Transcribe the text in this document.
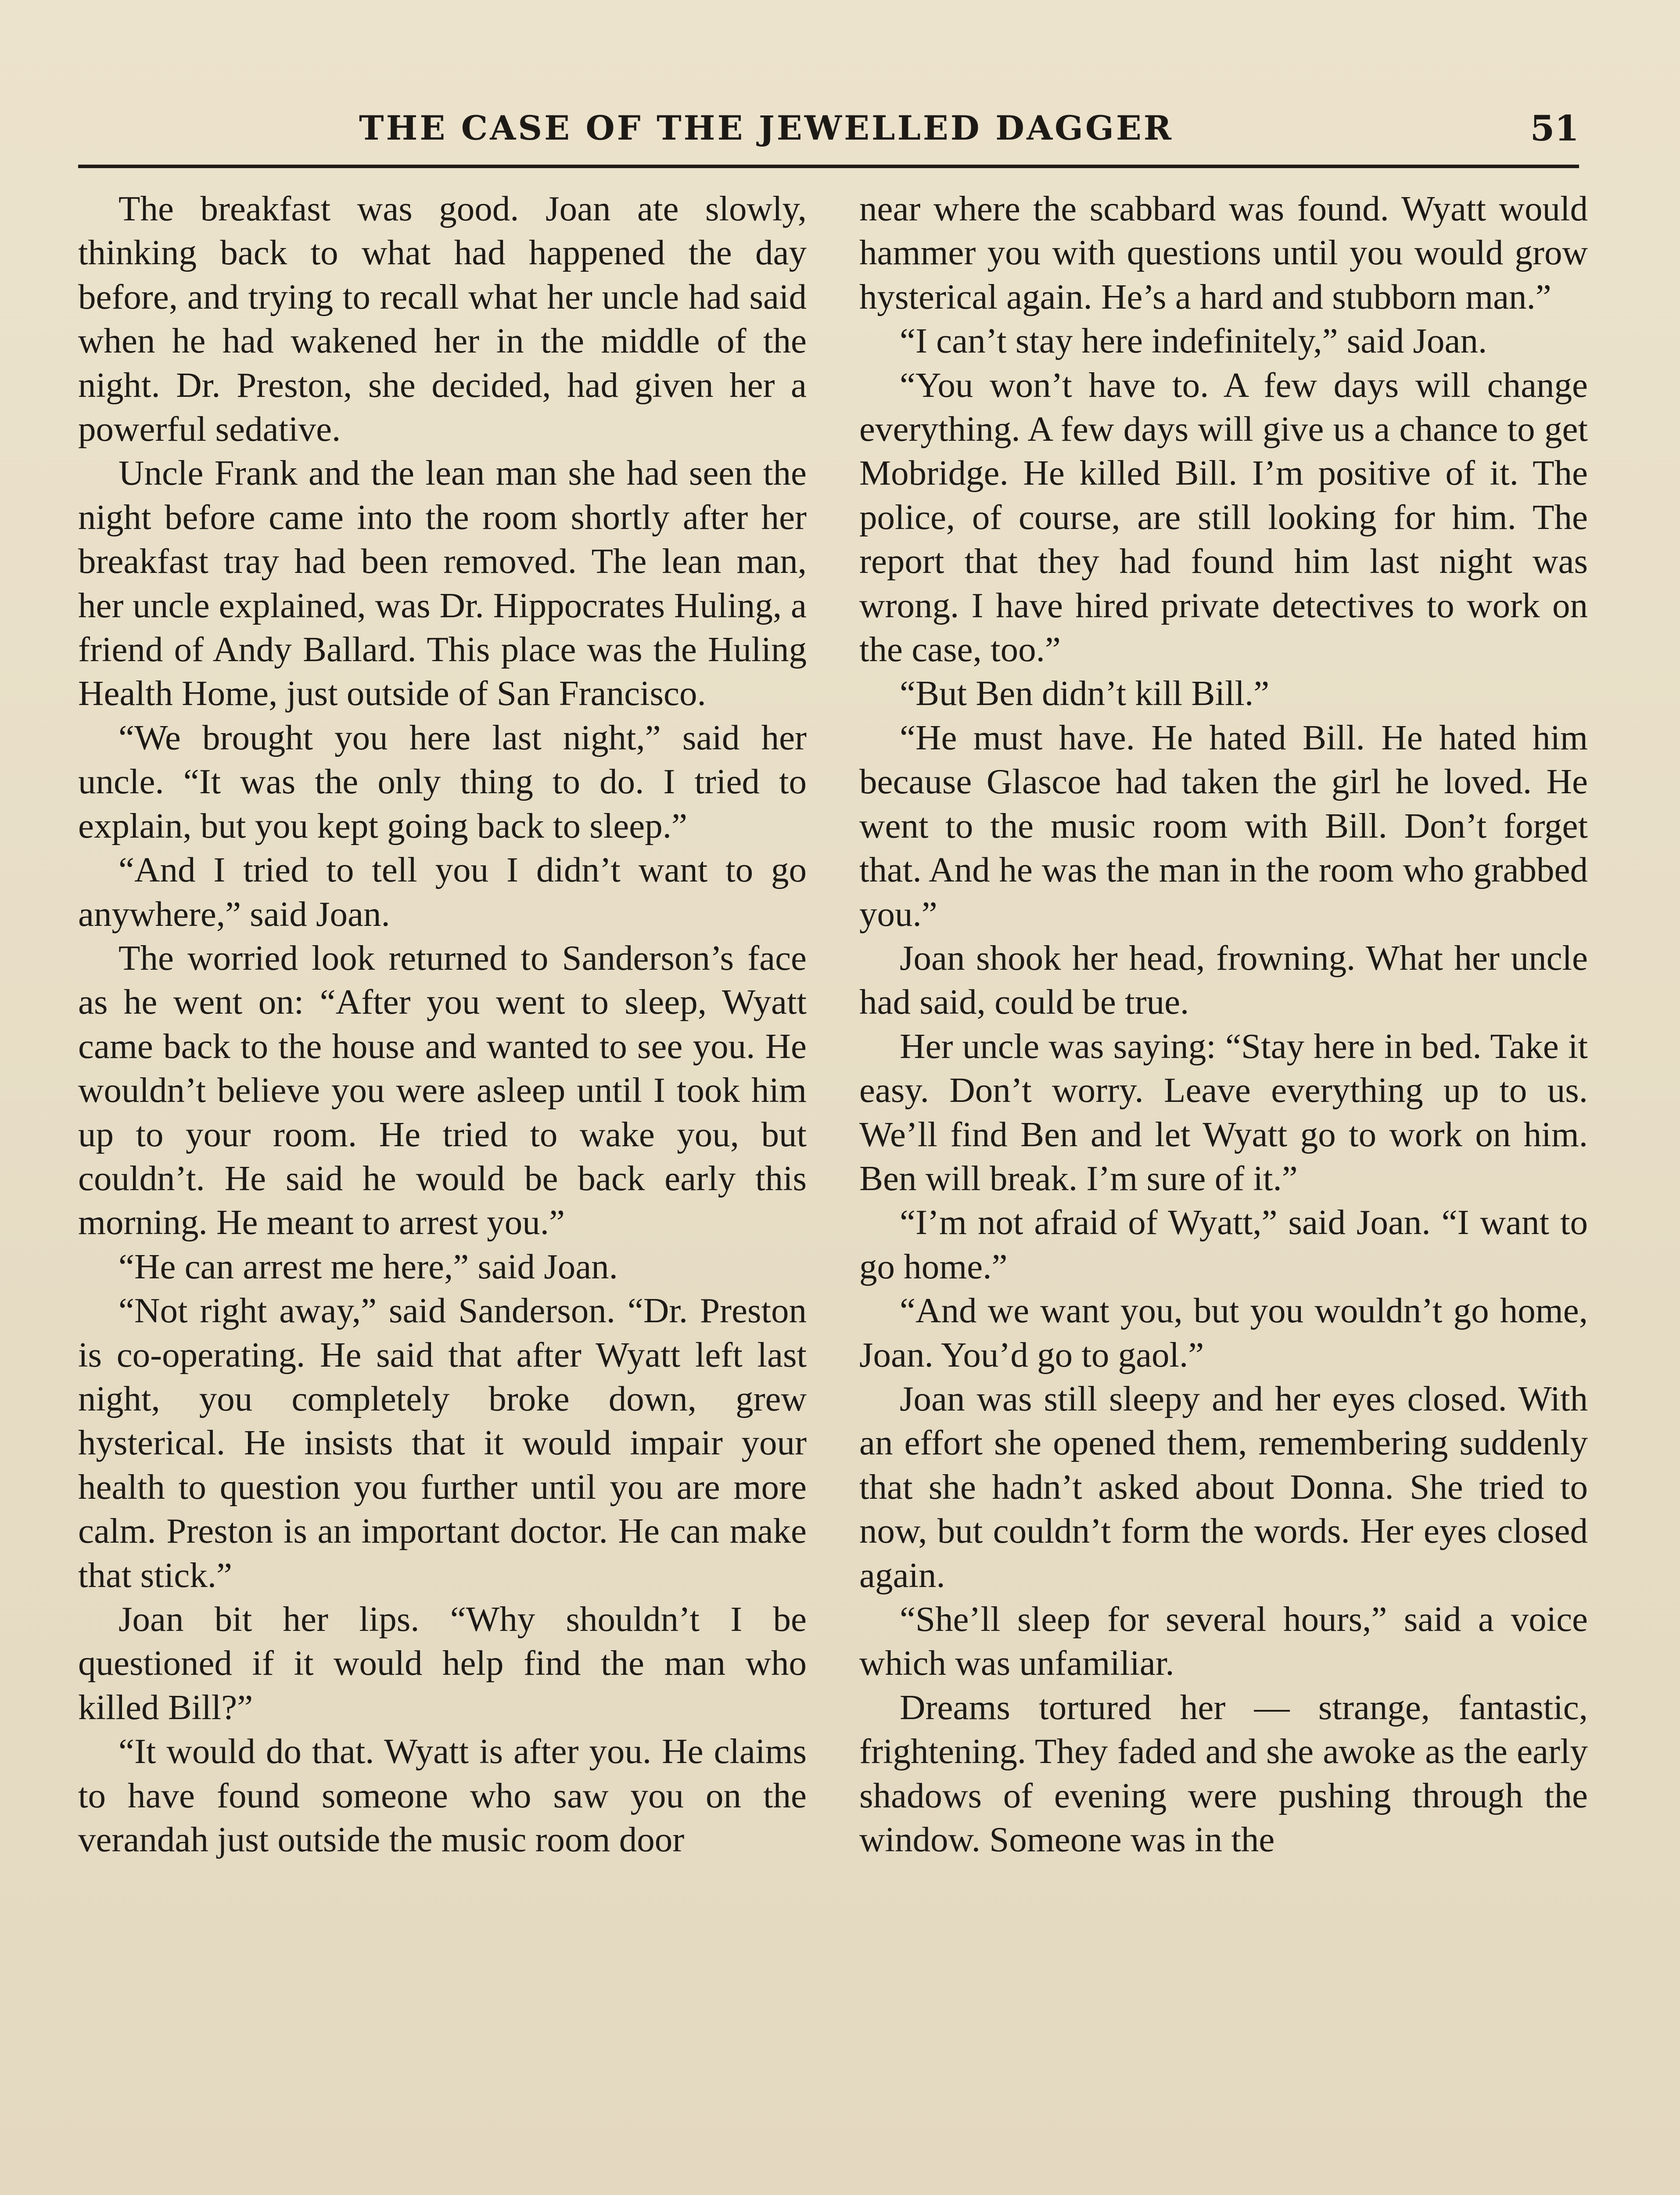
THE CASE OF THE JEWELLED DAGGER	51

The breakfast was good. Joan ate slowly, thinking back to what had happened the day before, and trying to recall what her uncle had said when he had wakened her in the middle of the night. Dr. Preston, she decided, had given her a powerful sedative.

Uncle Frank and the lean man she had seen the night before came into the room shortly after her breakfast tray had been removed. The lean man, her uncle explained, was Dr. Hippocrates Huling, a friend of Andy Ballard. This place was the Huling Health Home, just outside of San Francisco.

“We brought you here last night,” said her uncle. “It was the only thing to do. I tried to explain, but you kept going back to sleep.”

“And I tried to tell you I didn’t want to go anywhere,” said Joan.

The worried look returned to Sanderson’s face as he went on: “After you went to sleep, Wyatt came back to the house and wanted to see you. He wouldn’t believe you were asleep until I took him up to your room. He tried to wake you, but couldn’t. He said he would be back early this morning. He meant to arrest you.”

“He can arrest me here,” said Joan.

“Not right away,” said Sanderson. “Dr. Preston is co-operating. He said that after Wyatt left last night, you completely broke down, grew hysterical. He insists that it would impair your health to question you further until you are more calm. Preston is an important doctor. He can make that stick.”

Joan bit her lips. “Why shouldn’t I be questioned if it would help find the man who killed Bill?”

“It would do that. Wyatt is after you. He claims to have found someone who saw you on the verandah just outside the music room door

near where the scabbard was found. Wyatt would hammer you with questions until you would grow hysterical again. He’s a hard and stubborn man.”

“I can’t stay here indefinitely,” said Joan.

“You won’t have to. A few days will change everything. A few days will give us a chance to get Mobridge. He killed Bill. I’m positive of it. The police, of course, are still looking for him. The report that they had found him last night was wrong. I have hired private detectives to work on the case, too.”

“But Ben didn’t kill Bill.”

“He must have. He hated Bill. He hated him because Glascoe had taken the girl he loved. He went to the music room with Bill. Don’t forget that. And he was the man in the room who grabbed you.”

Joan shook her head, frowning. What her uncle had said, could be true.

Her uncle was saying: “Stay here in bed. Take it easy. Don’t worry. Leave everything up to us. We’ll find Ben and let Wyatt go to work on him. Ben will break. I’m sure of it.”

“I’m not afraid of Wyatt,” said Joan. “I want to go home.”

“And we want you, but you wouldn’t go home, Joan. You’d go to gaol.”

Joan was still sleepy and her eyes closed. With an effort she opened them, remembering suddenly that she hadn’t asked about Donna. She tried to now, but couldn’t form the words. Her eyes closed again.

“She’ll sleep for several hours,” said a voice which was unfamiliar.

Dreams tortured her — strange, fantastic, frightening. They faded and she awoke as the early shadows of evening were pushing through the window. Someone was in the
